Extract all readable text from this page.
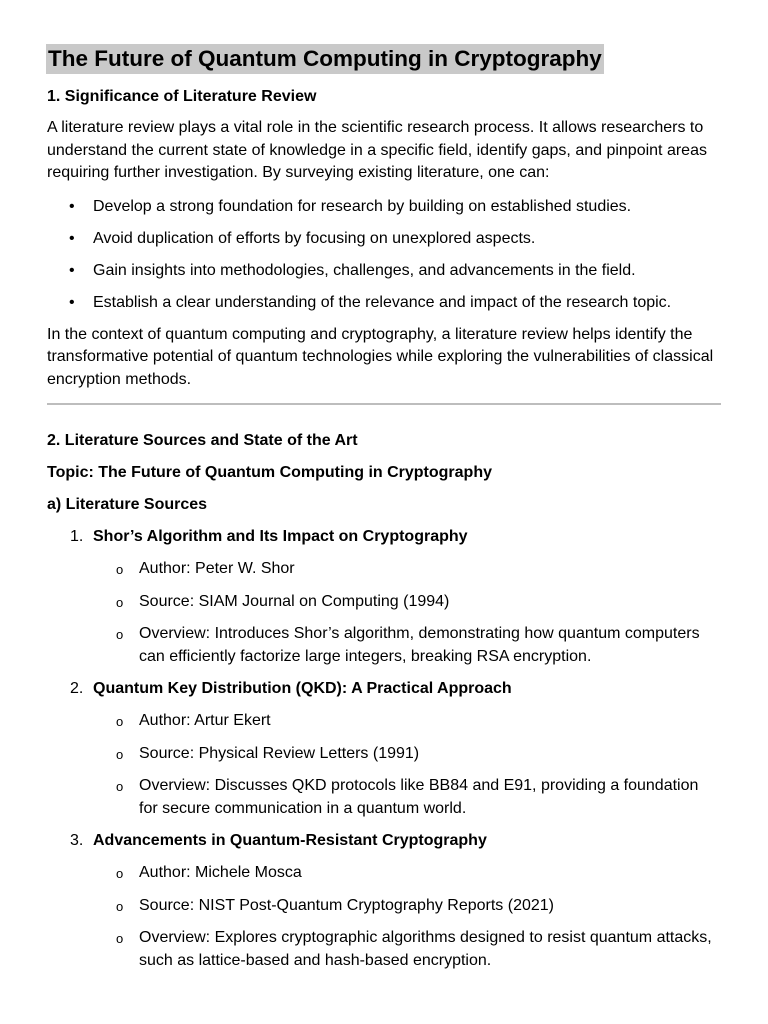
The Future of Quantum Computing in Cryptography

1. Significance of Literature Review

A literature review plays a vital role in the scientific research process. It allows researchers to understand the current state of knowledge in a specific field, identify gaps, and pinpoint areas requiring further investigation. By surveying existing literature, one can:

• Develop a strong foundation for research by building on established studies.
• Avoid duplication of efforts by focusing on unexplored aspects.
• Gain insights into methodologies, challenges, and advancements in the field.
• Establish a clear understanding of the relevance and impact of the research topic.

In the context of quantum computing and cryptography, a literature review helps identify the transformative potential of quantum technologies while exploring the vulnerabilities of classical encryption methods.

2. Literature Sources and State of the Art

Topic: The Future of Quantum Computing in Cryptography

a) Literature Sources

1. Shor’s Algorithm and Its Impact on Cryptography
o Author: Peter W. Shor
o Source: SIAM Journal on Computing (1994)
o Overview: Introduces Shor’s algorithm, demonstrating how quantum computers can efficiently factorize large integers, breaking RSA encryption.
2. Quantum Key Distribution (QKD): A Practical Approach
o Author: Artur Ekert
o Source: Physical Review Letters (1991)
o Overview: Discusses QKD protocols like BB84 and E91, providing a foundation for secure communication in a quantum world.
3. Advancements in Quantum-Resistant Cryptography
o Author: Michele Mosca
o Source: NIST Post-Quantum Cryptography Reports (2021)
o Overview: Explores cryptographic algorithms designed to resist quantum attacks, such as lattice-based and hash-based encryption.
